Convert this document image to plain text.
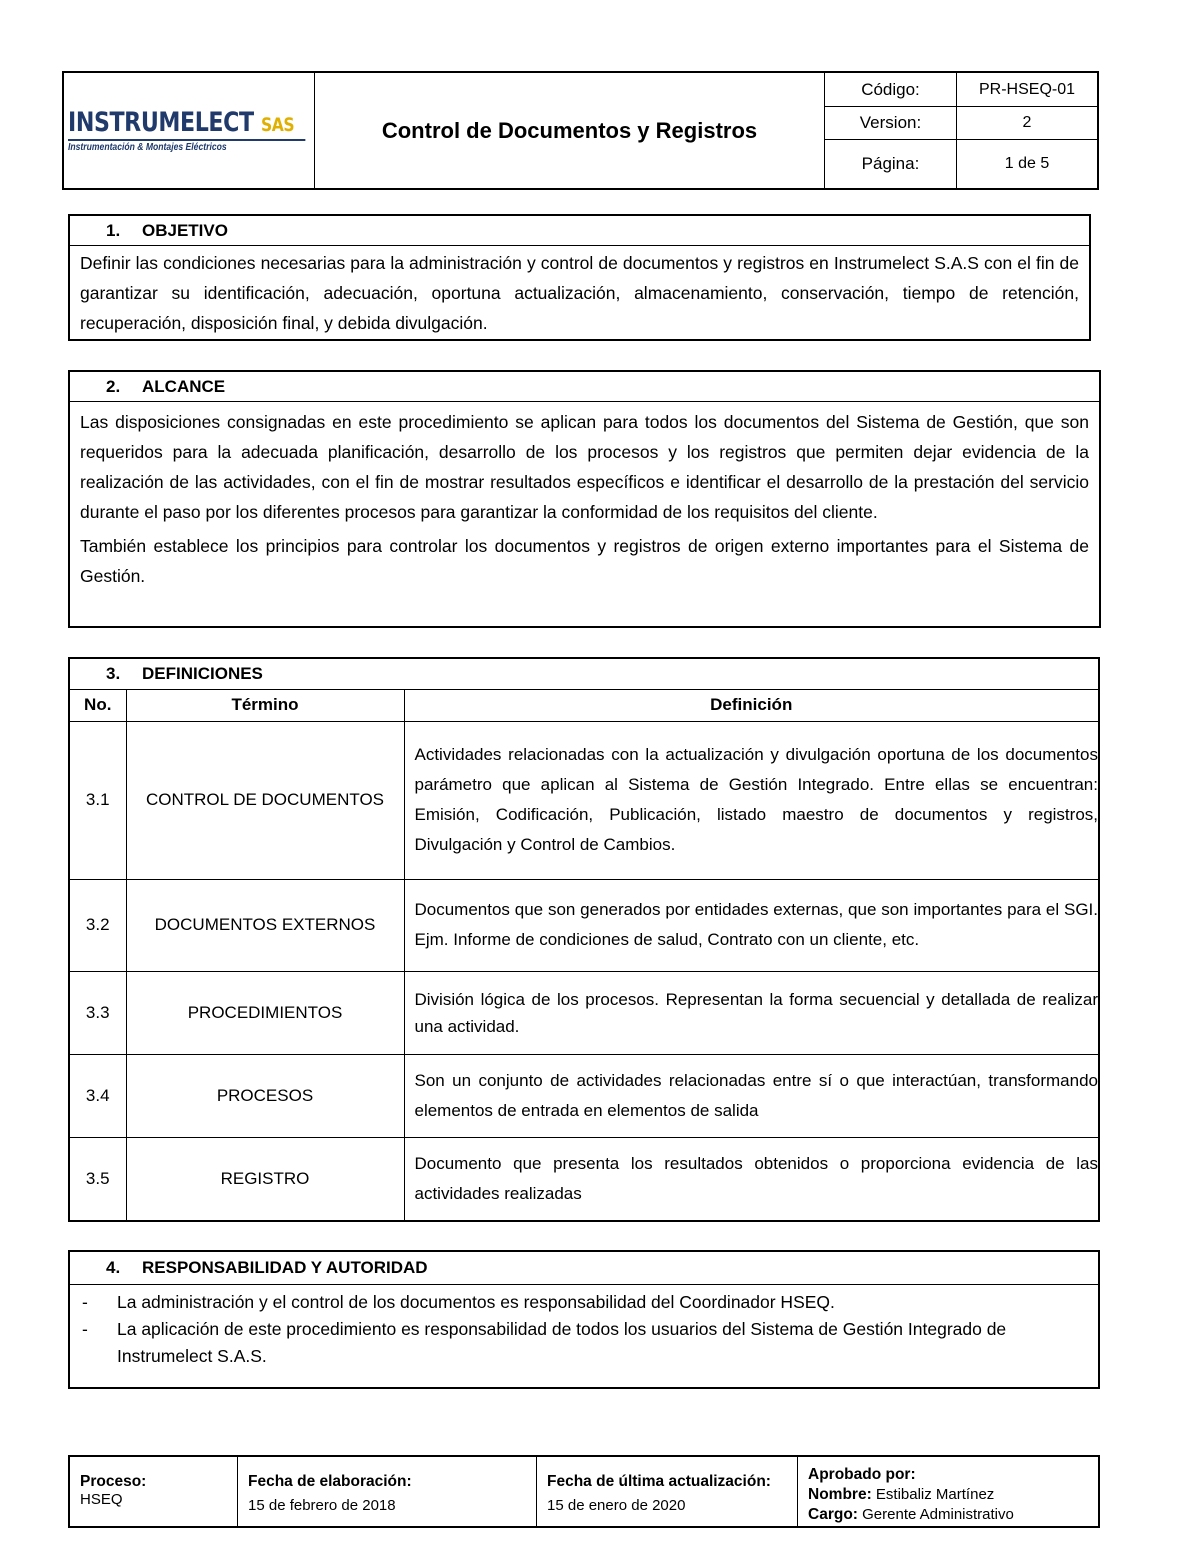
INSTRUMELECT SAS
Instrumentación & Montajes Eléctricos
Control de Documentos y Registros
Código:	PR-HSEQ-01
Version:	2
Página:	1 de 5
1.	OBJETIVO
Definir las condiciones necesarias para la administración y control de documentos y registros en Instrumelect S.A.S con el fin de garantizar su identificación, adecuación, oportuna actualización, almacenamiento, conservación, tiempo de retención, recuperación, disposición final, y debida divulgación.
2.	ALCANCE

Las disposiciones consignadas en este procedimiento se aplican para todos los documentos del Sistema de Gestión, que son requeridos para la adecuada planificación, desarrollo de los procesos y los registros que permiten dejar evidencia de la realización de las actividades, con el fin de mostrar resultados específicos e identificar el desarrollo de la prestación del servicio durante el paso por los diferentes procesos para garantizar la conformidad de los requisitos del cliente.

También establece los principios para controlar los documentos y registros de origen externo importantes para el Sistema de Gestión.

3.	DEFINICIONES
No.	Término	Definición
3.1	CONTROL DE DOCUMENTOS	Actividades relacionadas con la actualización y divulgación oportuna de los documentos parámetro que aplican al Sistema de Gestión Integrado. Entre ellas se encuentran: Emisión, Codificación, Publicación, listado maestro de documentos y registros, Divulgación y Control de Cambios.
3.2	DOCUMENTOS EXTERNOS	Documentos que son generados por entidades externas, que son importantes para el SGI. Ejm. Informe de condiciones de salud, Contrato con un cliente, etc.
3.3	PROCEDIMIENTOS	División lógica de los procesos. Representan la forma secuencial y detallada de realizar una actividad.
3.4	PROCESOS	Son un conjunto de actividades relacionadas entre sí o que interactúan, transformando elementos de entrada en elementos de salida
3.5	REGISTRO	Documento que presenta los resultados obtenidos o proporciona evidencia de las actividades realizadas
4.	RESPONSABILIDAD Y AUTORIDAD
-	La administración y el control de los documentos es responsabilidad del Coordinador HSEQ.
-	La aplicación de este procedimiento es responsabilidad de todos los usuarios del Sistema de Gestión Integrado de Instrumelect S.A.S.
Proceso:
HSEQ
Fecha de elaboración:
15 de febrero de 2018
Fecha de última actualización:
15 de enero de 2020
Aprobado por:
Nombre: Estibaliz Martínez
Cargo: Gerente Administrativo
